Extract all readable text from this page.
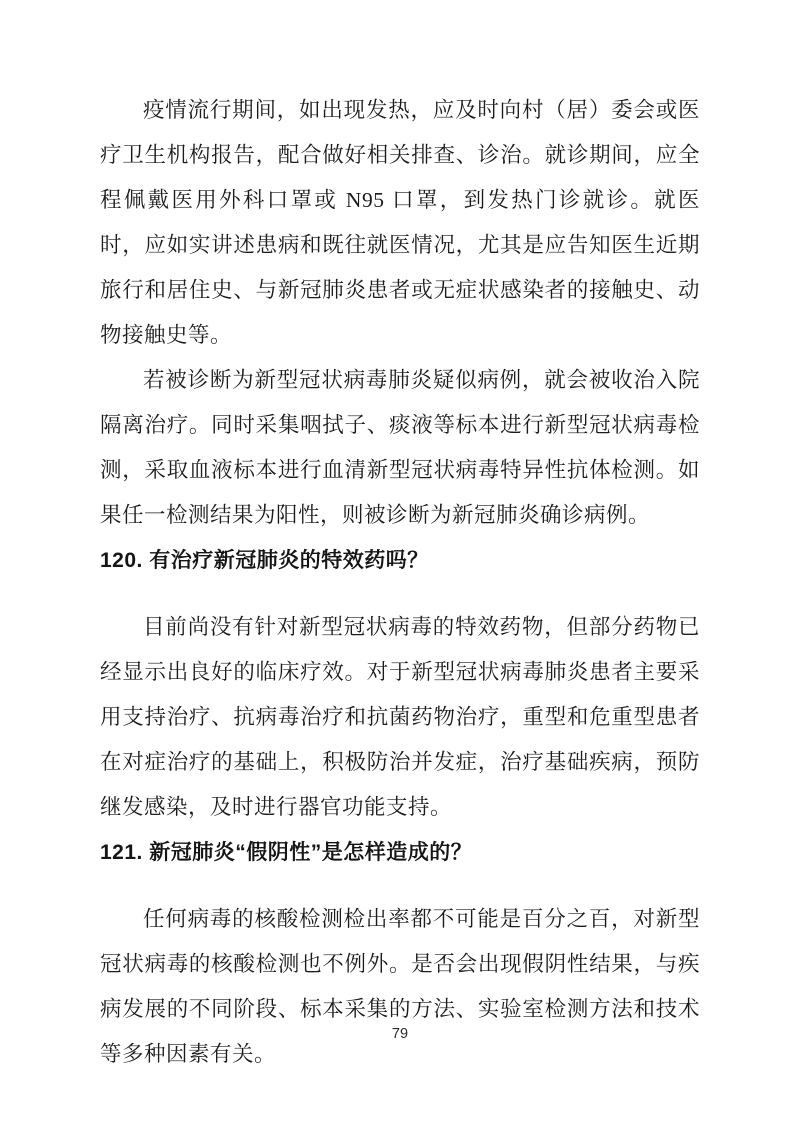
疫情流行期间，如出现发热，应及时向村（居）委会或医疗卫生机构报告，配合做好相关排查、诊治。就诊期间，应全程佩戴医用外科口罩或 N95 口罩，到发热门诊就诊。就医时，应如实讲述患病和既往就医情况，尤其是应告知医生近期旅行和居住史、与新冠肺炎患者或无症状感染者的接触史、动物接触史等。

若被诊断为新型冠状病毒肺炎疑似病例，就会被收治入院隔离治疗。同时采集咽拭子、痰液等标本进行新型冠状病毒检测，采取血液标本进行血清新型冠状病毒特异性抗体检测。如果任一检测结果为阳性，则被诊断为新冠肺炎确诊病例。

120. 有治疗新冠肺炎的特效药吗？

目前尚没有针对新型冠状病毒的特效药物，但部分药物已经显示出良好的临床疗效。对于新型冠状病毒肺炎患者主要采用支持治疗、抗病毒治疗和抗菌药物治疗，重型和危重型患者在对症治疗的基础上，积极防治并发症，治疗基础疾病，预防继发感染，及时进行器官功能支持。

121. 新冠肺炎“假阴性”是怎样造成的？

任何病毒的核酸检测检出率都不可能是百分之百，对新型冠状病毒的核酸检测也不例外。是否会出现假阴性结果，与疾病发展的不同阶段、标本采集的方法、实验室检测方法和技术等多种因素有关。

79
